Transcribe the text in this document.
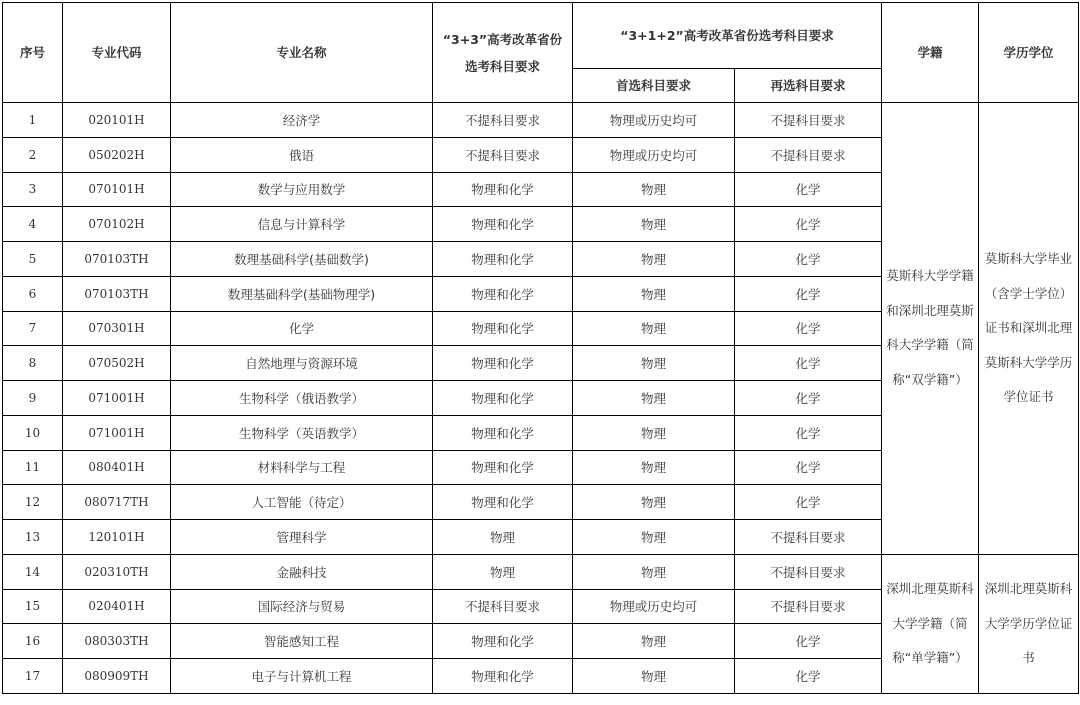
序号	专业代码	专业名称	“3+3”高考改革省份选考科目要求	“3+1+2”高考改革省份选考科目要求		学籍	学历学位
				首选科目要求	再选科目要求		
1	020101H	经济学	不提科目要求	物理或历史均可	不提科目要求	莫斯科大学学籍和深圳北理莫斯科大学学籍（简称“双学籍”）	莫斯科大学毕业（含学士学位）证书和深圳北理莫斯科大学学历学位证书
2	050202H	俄语	不提科目要求	物理或历史均可	不提科目要求		
3	070101H	数学与应用数学	物理和化学	物理	化学		
4	070102H	信息与计算科学	物理和化学	物理	化学		
5	070103TH	数理基础科学(基础数学)	物理和化学	物理	化学		
6	070103TH	数理基础科学(基础物理学)	物理和化学	物理	化学		
7	070301H	化学	物理和化学	物理	化学		
8	070502H	自然地理与资源环境	物理和化学	物理	化学		
9	071001H	生物科学（俄语教学）	物理和化学	物理	化学		
10	071001H	生物科学（英语教学）	物理和化学	物理	化学		
11	080401H	材料科学与工程	物理和化学	物理	化学		
12	080717TH	人工智能（待定）	物理和化学	物理	化学		
13	120101H	管理科学	物理	物理	不提科目要求		
14	020310TH	金融科技	物理	物理	不提科目要求	深圳北理莫斯科大学学籍（简称“单学籍”）	深圳北理莫斯科大学学历学位证书
15	020401H	国际经济与贸易	不提科目要求	物理或历史均可	不提科目要求		
16	080303TH	智能感知工程	物理和化学	物理	化学		
17	080909TH	电子与计算机工程	物理和化学	物理	化学		
